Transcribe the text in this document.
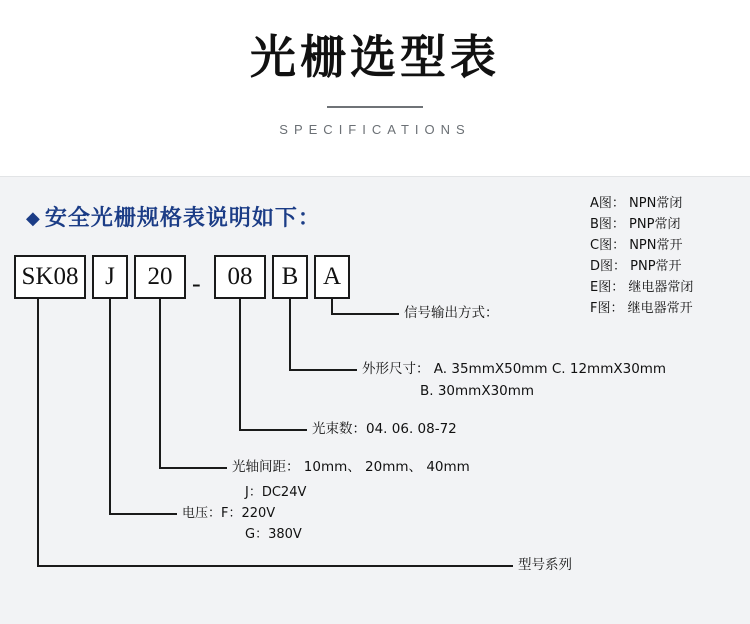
光栅选型表
SPECIFICATIONS
◆ 安全光栅规格表说明如下：
SK08	J	20 -	08	B A
A图： NPN常闭
B图： PNP常闭
C图： NPN常开
D图： PNP常开
E图： 继电器常闭
F图： 继电器常开
信号输出方式：
外形尺寸： A. 35mmX50mm C. 12mmX30mm
B. 30mmX30mm
光束数：04. 06. 08-72
光轴间距： 10mm、 20mm、 40mm
J：DC24V
电压：F：220V
G：380V
型号系列
